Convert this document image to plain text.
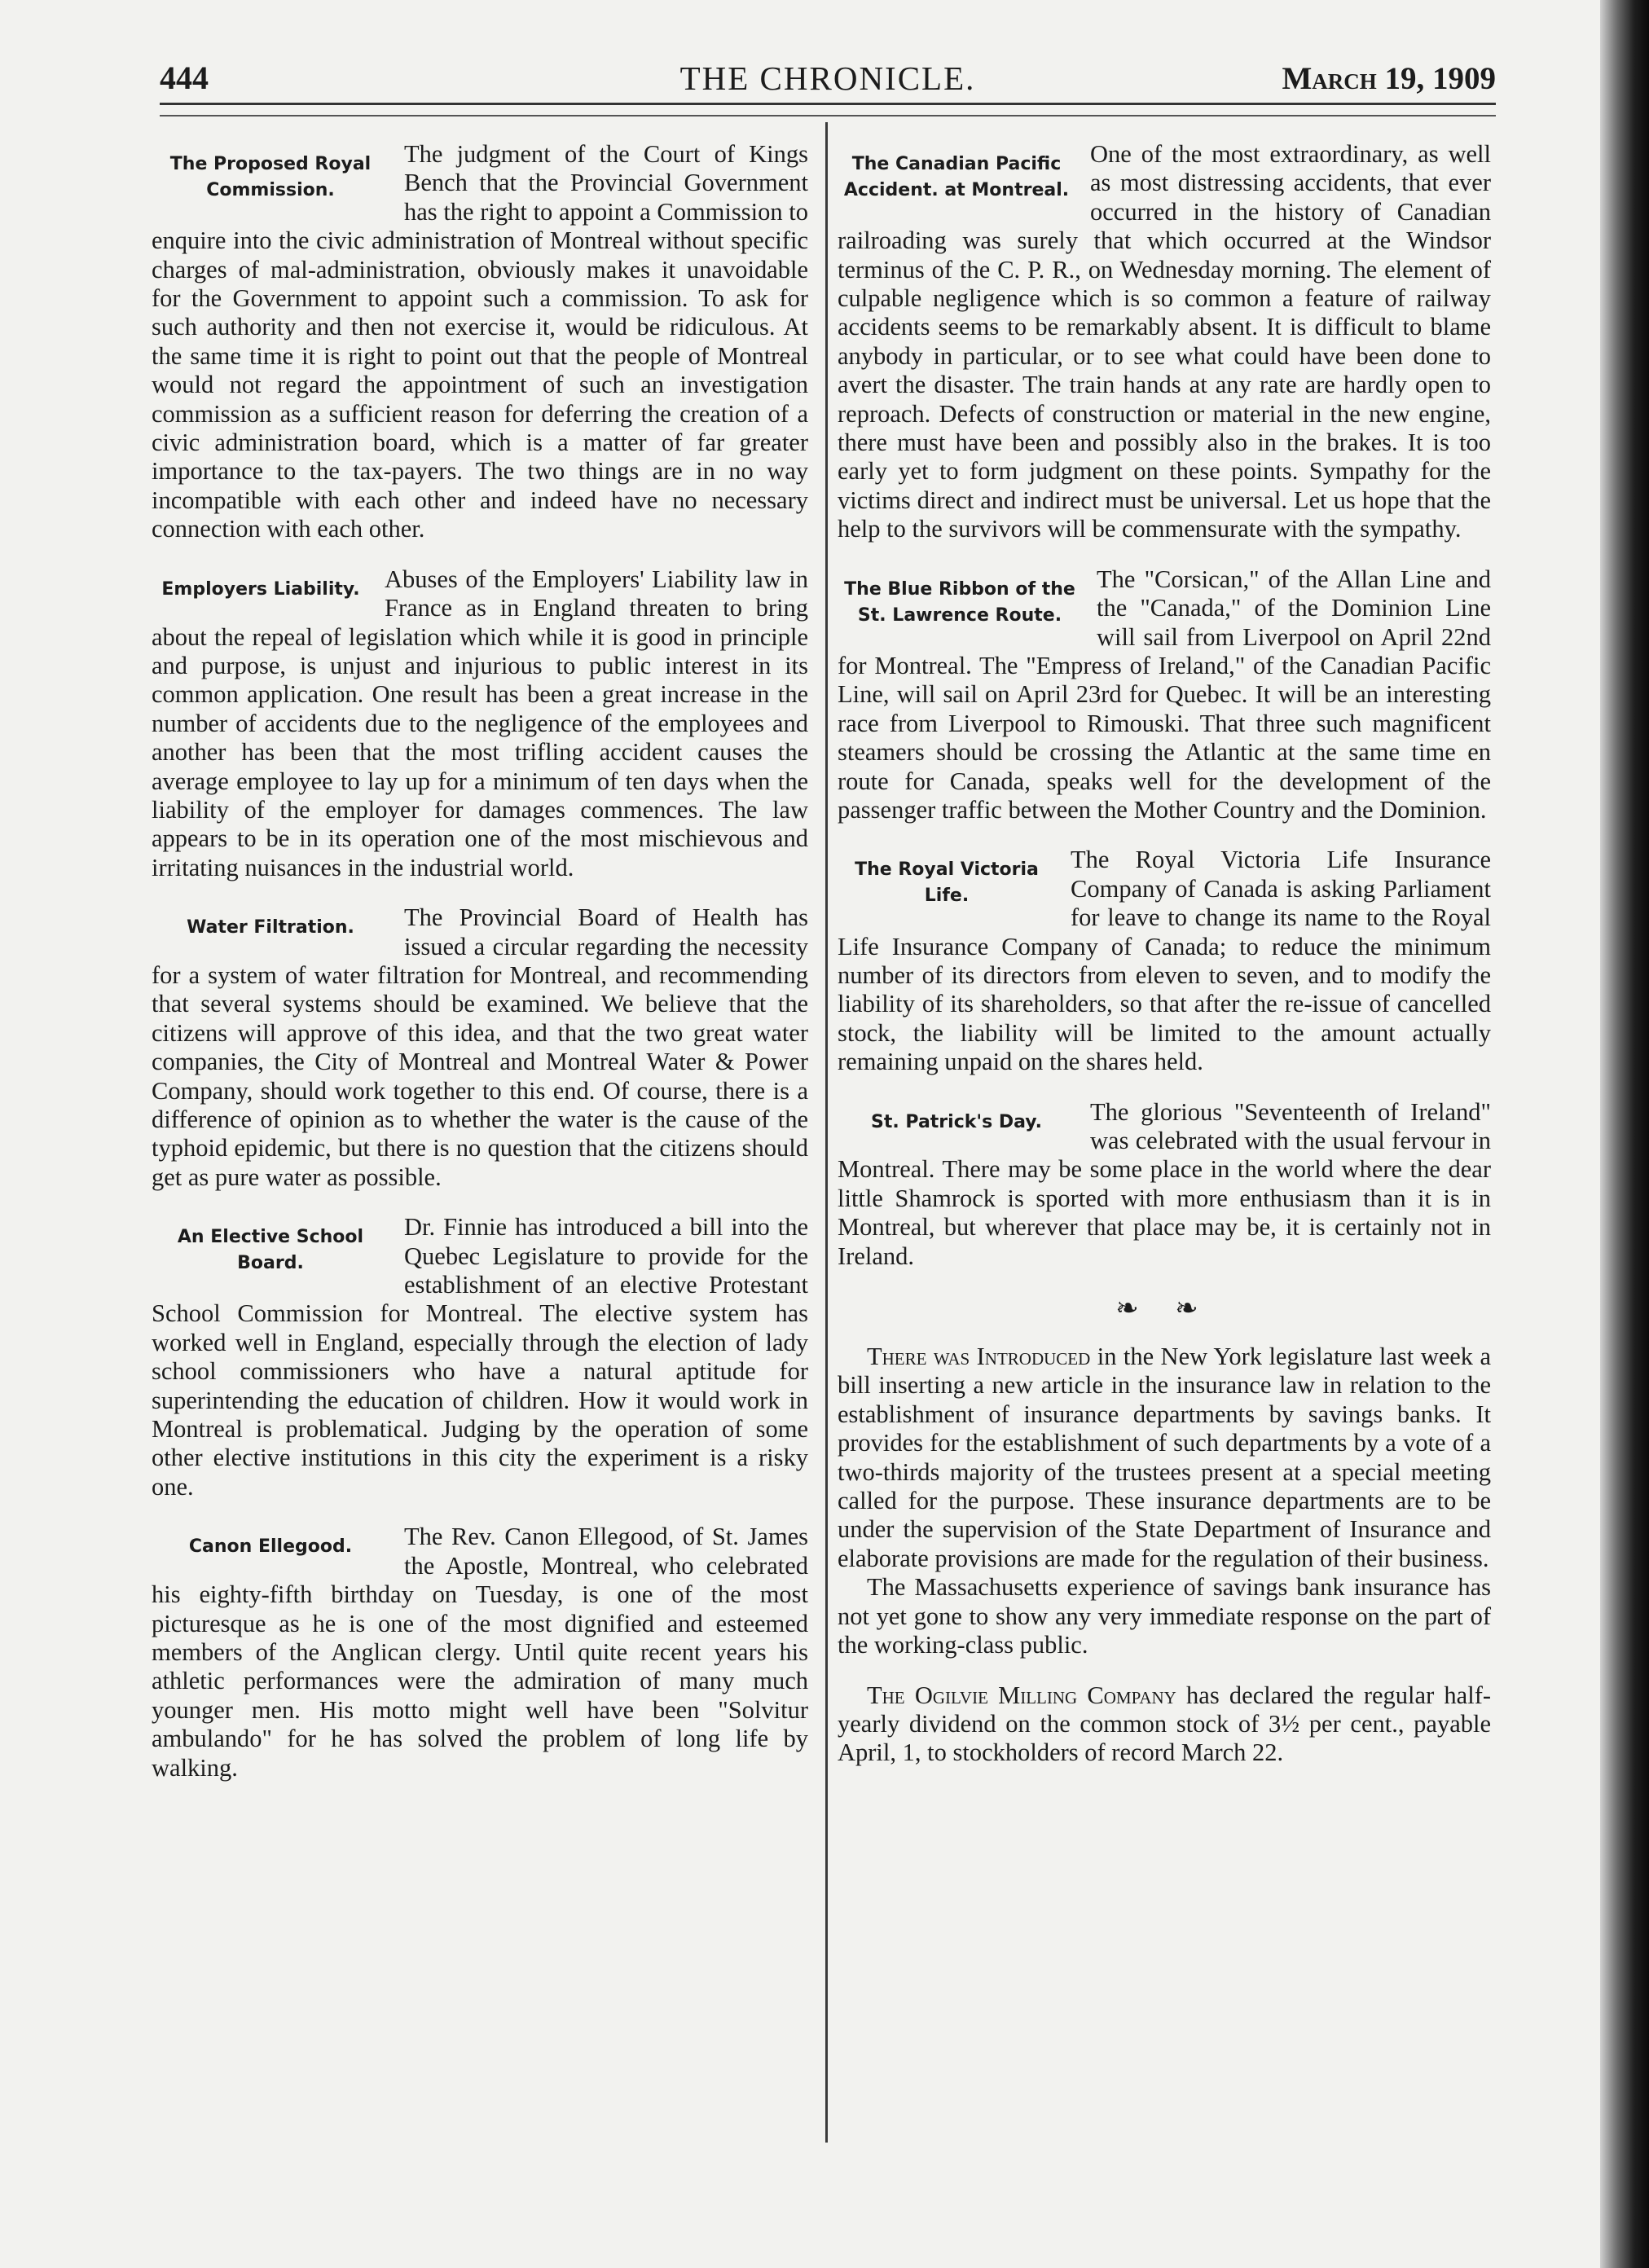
444	THE CHRONICLE.	March 19, 1909
The Proposed Royal Commission.

The judgment of the Court of Kings Bench that the Provincial Government has the right to appoint a Commission to enquire into the civic administration of Montreal without specific charges of mal-administration, obviously makes it unavoidable for the Government to appoint such a commission. To ask for such authority and then not exercise it, would be ridiculous. At the same time it is right to point out that the people of Montreal would not regard the appointment of such an investigation commission as a sufficient reason for deferring the creation of a civic administration board, which is a matter of far greater importance to the tax-payers. The two things are in no way incompatible with each other and indeed have no necessary connection with each other.

Employers Liability. Abuses of the Employers' Liability law in France as in England threaten to bring about the repeal of legislation which while it is good in principle and purpose, is unjust and injurious to public interest in its common application. One result has been a great increase in the number of accidents due to the negligence of the employees and another has been that the most trifling accident causes the average employee to lay up for a minimum of ten days when the liability of the employer for damages commences. The law appears to be in its operation one of the most mischievous and irritating nuisances in the industrial world.

Water Filtration.	The Provincial Board of Health has issued a circular regarding the necessity for a system of water filtration for Montreal, and recommending that several systems should be examined. We believe that the citizens will approve of this idea, and that the two great water companies, the City of Montreal and Montreal Water & Power Company, should work together to this end. Of course, there is a difference of opinion as to whether the water is the cause of the typhoid epidemic, but there is no question that the citizens should get as pure water as possible.

An Elective School Board.

Dr. Finnie has introduced a bill into the Quebec Legislature to provide for the establishment of an elective Protestant School Commission for Montreal. The elective system has worked well in England, especially through the election of lady school commissioners who have a natural aptitude for superintending the education of children. How it would work in Montreal is problematical. Judging by the operation of some other elective institutions in this city the experiment is a risky one.

Canon Ellegood.	The Rev. Canon Ellegood, of St. James the Apostle, Montreal, who celebrated his eighty-fifth birthday on Tuesday, is one of the most picturesque as he is one of the most dignified and esteemed members of the Anglican clergy. Until quite recent years his athletic performances were the admiration of many much younger men. His motto might well have been "Solvitur ambulando" for he has solved the problem of long life by walking.

The Canadian Pacific Accident. at Montreal.

One of the most extraordinary, as well as most distressing accidents, that ever occurred in the history of Canadian railroading was surely that which occurred at the Windsor terminus of the C. P. R., on Wednesday morning. The element of culpable negligence which is so common a feature of railway accidents seems to be remarkably absent. It is difficult to blame anybody in particular, or to see what could have been done to avert the disaster. The train hands at any rate are hardly open to reproach. Defects of construction or material in the new engine, there must have been and possibly also in the brakes. It is too early yet to form judgment on these points. Sympathy for the victims direct and indirect must be universal. Let us hope that the help to the survivors will be commensurate with the sympathy.

The Blue Ribbon of the St. Lawrence Route.

The "Corsican," of the Allan Line and the "Canada," of the Dominion Line will sail from Liverpool on April 22nd for Montreal. The "Empress of Ireland," of the Canadian Pacific Line, will sail on April 23rd for Quebec. It will be an interesting race from Liverpool to Rimouski. That three such magnificent steamers should be crossing the Atlantic at the same time en route for Canada, speaks well for the development of the passenger traffic between the Mother Country and the Dominion.

The Royal Victoria Life.

The Royal Victoria Life Insurance Company of Canada is asking Parliament for leave to change its name to the Royal Life Insurance Company of Canada; to reduce the minimum number of its directors from eleven to seven, and to modify the liability of its shareholders, so that after the re-issue of cancelled stock, the liability will be limited to the amount actually remaining unpaid on the shares held.

St. Patrick's Day.	The glorious "Seventeenth of Ireland" was celebrated with the usual fervour in Montreal. There may be some place in the world where the dear little Shamrock is sported with more enthusiasm than it is in Montreal, but wherever that place may be, it is certainly not in Ireland.

❧ ❧

There was Introduced in the New York legislature last week a bill inserting a new article in the insurance law in relation to the establishment of insurance departments by savings banks. It provides for the establishment of such departments by a vote of a two-thirds majority of the trustees present at a special meeting called for the purpose. These insurance departments are to be under the supervision of the State Department of Insurance and elaborate provisions are made for the regulation of their business.

The Massachusetts experience of savings bank insurance has not yet gone to show any very immediate response on the part of the working-class public.

The Ogilvie Milling Company has declared the regular half-yearly dividend on the common stock of 3½ per cent., payable April, 1, to stockholders of record March 22.
